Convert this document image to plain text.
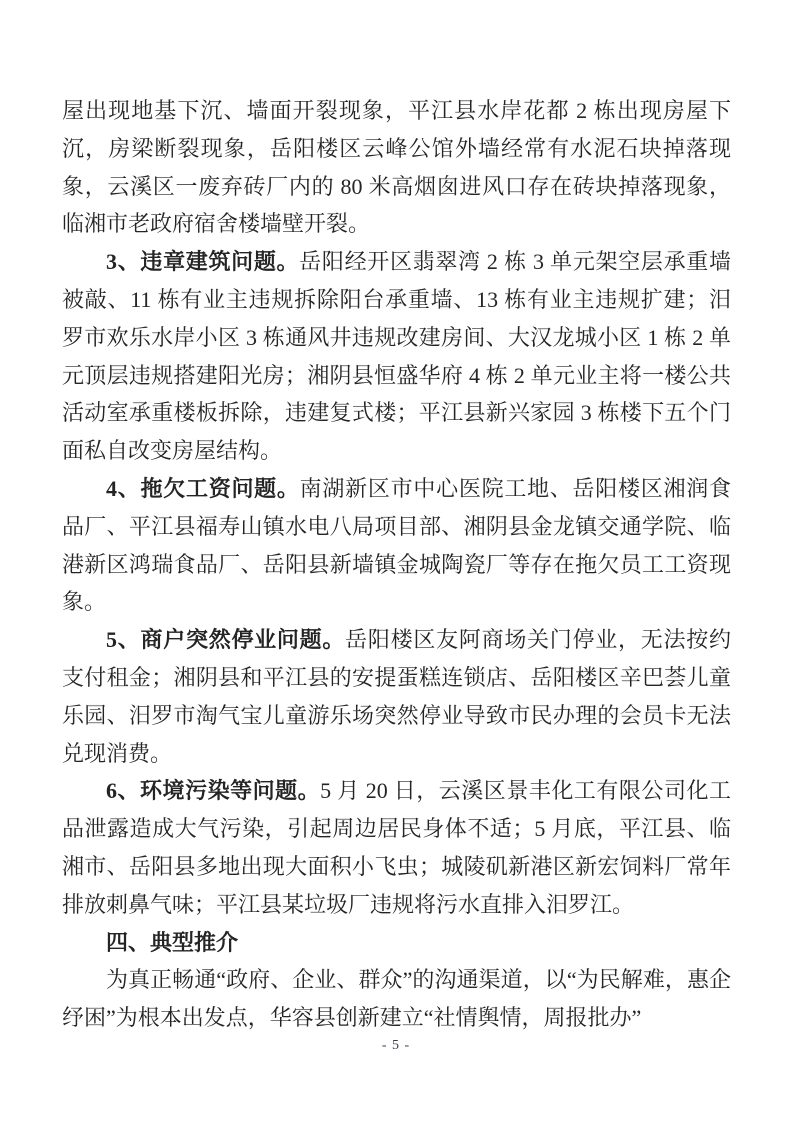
屋出现地基下沉、墙面开裂现象，平江县水岸花都 2 栋出现房屋下沉，房梁断裂现象，岳阳楼区云峰公馆外墙经常有水泥石块掉落现象，云溪区一废弃砖厂内的 80 米高烟囱进风口存在砖块掉落现象，临湘市老政府宿舍楼墙壁开裂。

3、违章建筑问题。岳阳经开区翡翠湾 2 栋 3 单元架空层承重墙被敲、11 栋有业主违规拆除阳台承重墙、13 栋有业主违规扩建；汨罗市欢乐水岸小区 3 栋通风井违规改建房间、大汉龙城小区 1 栋 2 单元顶层违规搭建阳光房；湘阴县恒盛华府 4 栋 2 单元业主将一楼公共活动室承重楼板拆除，违建复式楼；平江县新兴家园 3 栋楼下五个门面私自改变房屋结构。

4、拖欠工资问题。南湖新区市中心医院工地、岳阳楼区湘润食品厂、平江县福寿山镇水电八局项目部、湘阴县金龙镇交通学院、临港新区鸿瑞食品厂、岳阳县新墙镇金城陶瓷厂等存在拖欠员工工资现象。

5、商户突然停业问题。岳阳楼区友阿商场关门停业，无法按约支付租金；湘阴县和平江县的安提蛋糕连锁店、岳阳楼区辛巴荟儿童乐园、汨罗市淘气宝儿童游乐场突然停业导致市民办理的会员卡无法兑现消费。

6、环境污染等问题。5 月 20 日，云溪区景丰化工有限公司化工品泄露造成大气污染，引起周边居民身体不适；5 月底，平江县、临湘市、岳阳县多地出现大面积小飞虫；城陵矶新港区新宏饲料厂常年排放刺鼻气味；平江县某垃圾厂违规将污水直排入汨罗江。

四、典型推介

为真正畅通“政府、企业、群众”的沟通渠道，以“为民解难，惠企纾困”为根本出发点，华容县创新建立“社情舆情，周报批办”

- 5 -
